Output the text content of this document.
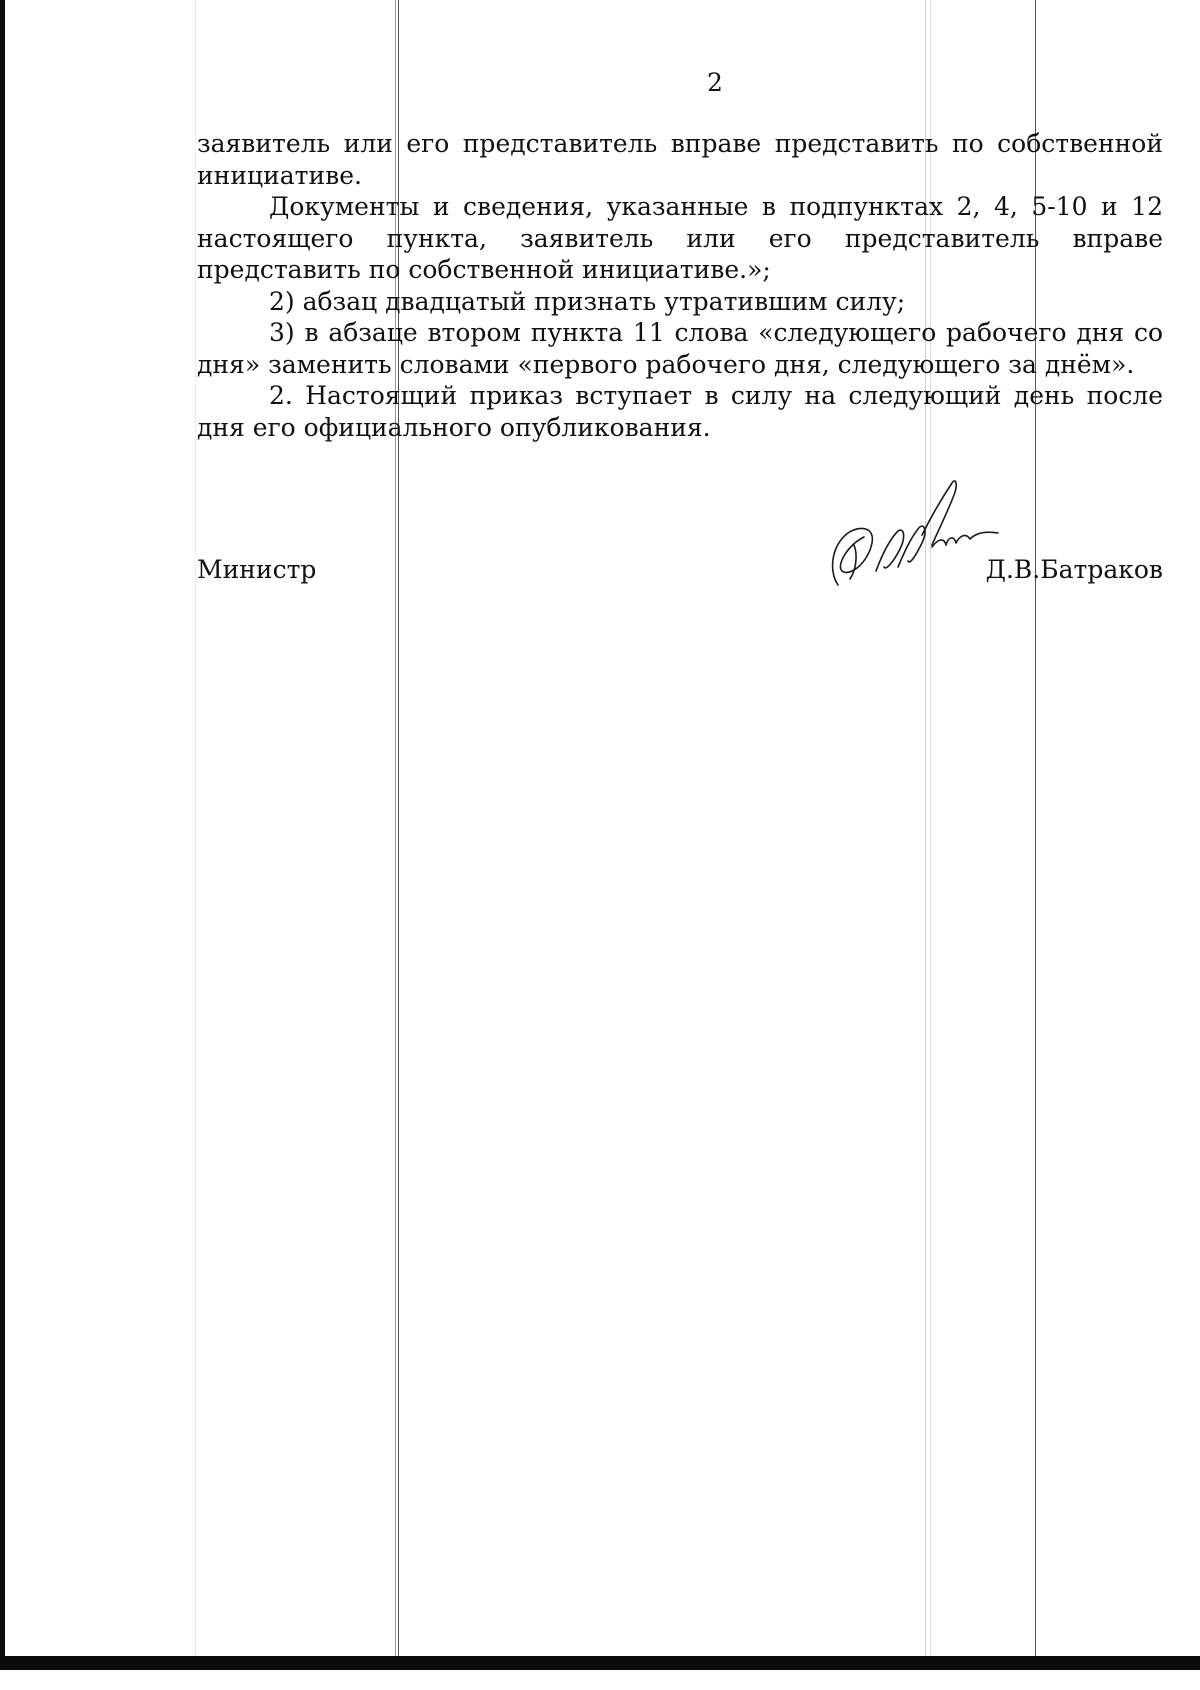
2

заявитель или его представитель вправе представить по собственной инициативе.

Документы и сведения, указанные в подпунктах 2, 4, 5-10 и 12 настоящего пункта, заявитель или его представитель вправе представить по собственной инициативе.»;

2) абзац двадцатый признать утратившим силу;

3) в абзаце втором пункта 11 слова «следующего рабочего дня со дня» заменить словами «первого рабочего дня, следующего за днём».

2. Настоящий приказ вступает в силу на следующий день после дня его официального опубликования.

Министр	Д.В.Батраков
